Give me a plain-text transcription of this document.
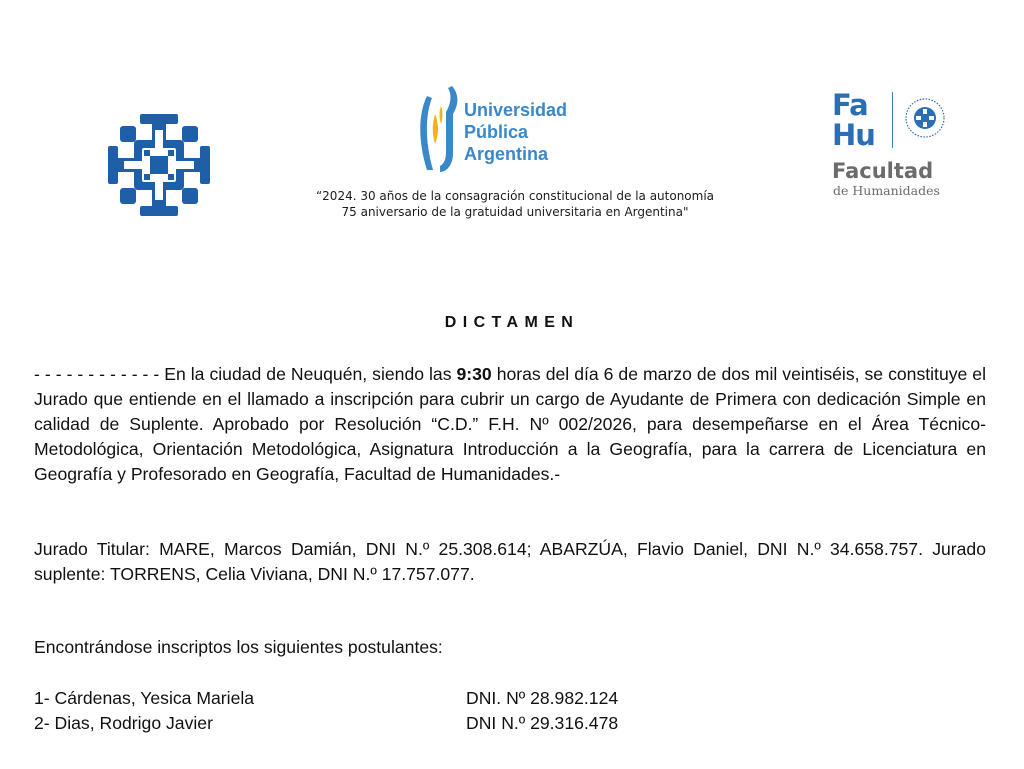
Universidad
Pública
Argentina
“2024. 30 años de la consagración constitucional de la autonomía
75 aniversario de la gratuidad universitaria en Argentina"
Fa
Hu
Facultad
de Humanidades
DICTAMEN

- - - - - - - - - - - - En la ciudad de Neuquén, siendo las 9:30 horas del día 6 de marzo de dos mil veintiséis, se constituye el Jurado que entiende en el llamado a inscripción para cubrir un cargo de Ayudante de Primera con dedicación Simple en calidad de Suplente. Aprobado por Resolución “C.D.” F.H. Nº 002/2026, para desempeñarse en el Área Técnico-Metodológica, Orientación Metodológica, Asignatura Introducción a la Geografía, para la carrera de Licenciatura en Geografía y Profesorado en Geografía, Facultad de Humanidades.-

Jurado Titular: MARE, Marcos Damián, DNI N.º 25.308.614; ABARZÚA, Flavio Daniel, DNI N.º 34.658.757. Jurado suplente: TORRENS, Celia Viviana, DNI N.º 17.757.077.

Encontrándose inscriptos los siguientes postulantes:

1- Cárdenas, Yesica Mariela	DNI. Nº 28.982.124
2- Dias, Rodrigo Javier	DNI N.º 29.316.478
